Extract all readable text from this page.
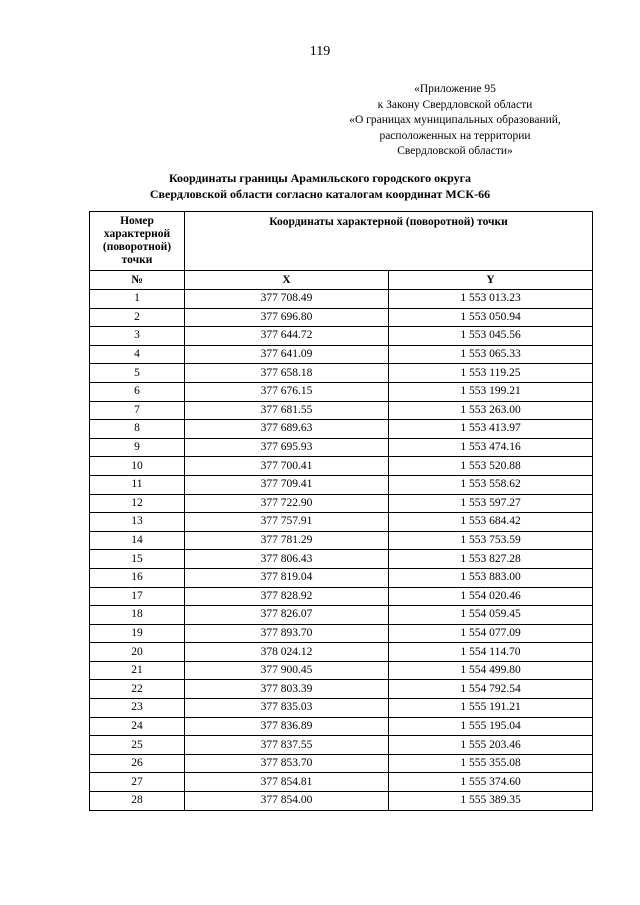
119
«Приложение 95
к Закону Свердловской области
«О границах муниципальных образований,
расположенных на территории
Свердловской области»
Координаты границы Арамильского городского округа
Свердловской области согласно каталогам координат МСК-66
Номер характерной (поворотной) точки	Координаты характерной (поворотной) точки	
№	X	Y
1	377 708.49	1 553 013.23
2	377 696.80	1 553 050.94
3	377 644.72	1 553 045.56
4	377 641.09	1 553 065.33
5	377 658.18	1 553 119.25
6	377 676.15	1 553 199.21
7	377 681.55	1 553 263.00
8	377 689.63	1 553 413.97
9	377 695.93	1 553 474.16
10	377 700.41	1 553 520.88
11	377 709.41	1 553 558.62
12	377 722.90	1 553 597.27
13	377 757.91	1 553 684.42
14	377 781.29	1 553 753.59
15	377 806.43	1 553 827.28
16	377 819.04	1 553 883.00
17	377 828.92	1 554 020.46
18	377 826.07	1 554 059.45
19	377 893.70	1 554 077.09
20	378 024.12	1 554 114.70
21	377 900.45	1 554 499.80
22	377 803.39	1 554 792.54
23	377 835.03	1 555 191.21
24	377 836.89	1 555 195.04
25	377 837.55	1 555 203.46
26	377 853.70	1 555 355.08
27	377 854.81	1 555 374.60
28	377 854.00	1 555 389.35
